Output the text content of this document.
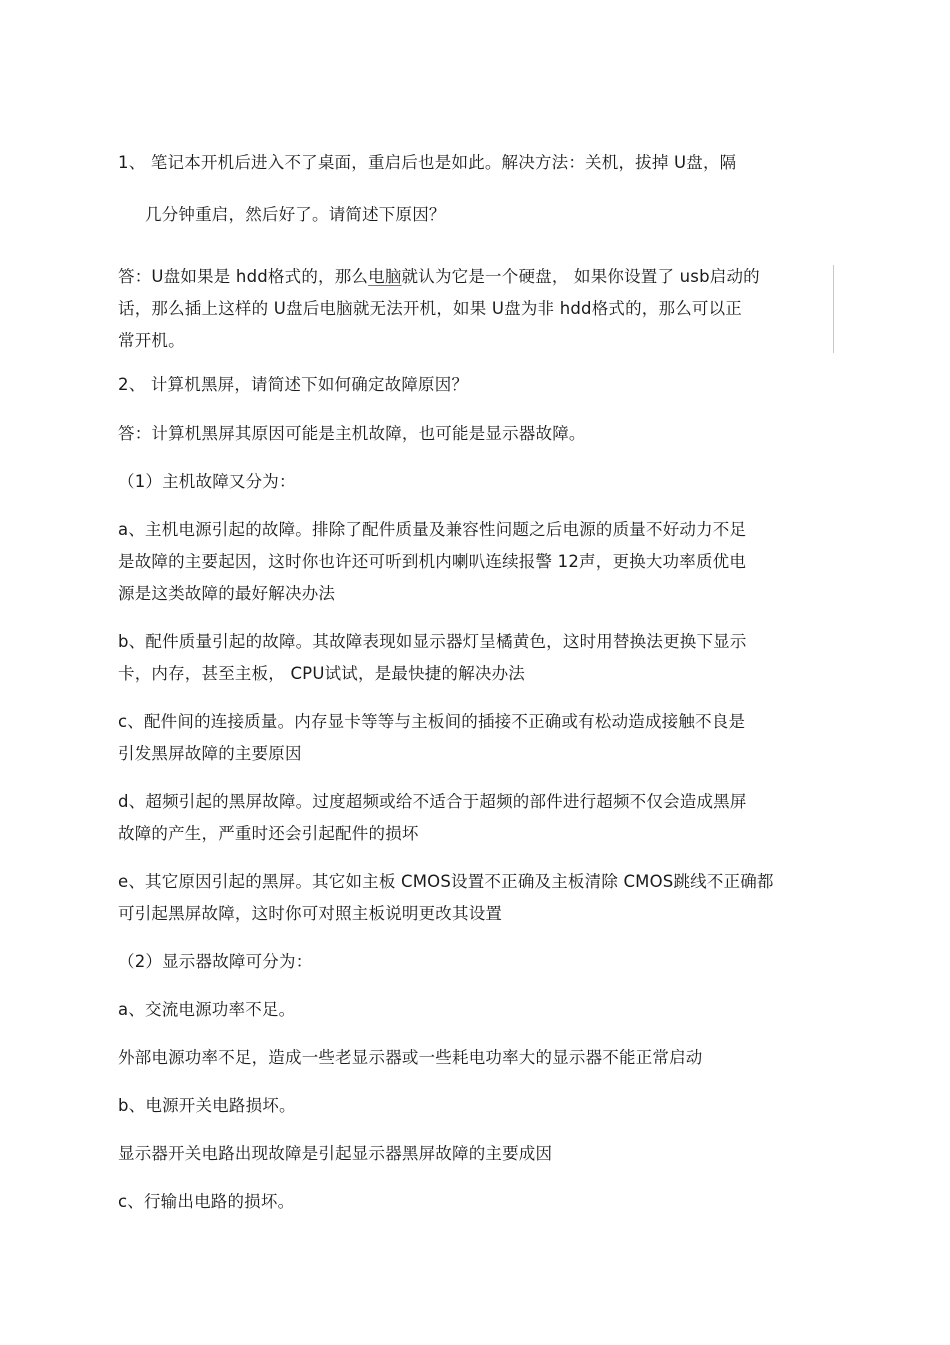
1、 笔记本开机后进入不了桌面，重启后也是如此。解决方法：关机，拔掉 U盘，隔
几分钟重启，然后好了。请简述下原因？
答：U盘如果是 hdd格式的，那么电脑就认为它是一个硬盘， 如果你设置了 usb启动的
话，那么插上这样的 U盘后电脑就无法开机，如果 U盘为非 hdd格式的，那么可以正
常开机。
2、 计算机黑屏，请简述下如何确定故障原因？
答：计算机黑屏其原因可能是主机故障，也可能是显示器故障。
（1）主机故障又分为：
a、主机电源引起的故障。排除了配件质量及兼容性问题之后电源的质量不好动力不足
是故障的主要起因，这时你也许还可听到机内喇叭连续报警 12声，更换大功率质优电
源是这类故障的最好解决办法
b、配件质量引起的故障。其故障表现如显示器灯呈橘黄色，这时用替换法更换下显示
卡，内存，甚至主板， CPU试试，是最快捷的解决办法
c、配件间的连接质量。内存显卡等等与主板间的插接不正确或有松动造成接触不良是
引发黑屏故障的主要原因
d、超频引起的黑屏故障。过度超频或给不适合于超频的部件进行超频不仅会造成黑屏
故障的产生，严重时还会引起配件的损坏
e、其它原因引起的黑屏。其它如主板 CMOS设置不正确及主板清除 CMOS跳线不正确都
可引起黑屏故障，这时你可对照主板说明更改其设置
（2）显示器故障可分为：
a、交流电源功率不足。
外部电源功率不足，造成一些老显示器或一些耗电功率大的显示器不能正常启动
b、电源开关电路损坏。
显示器开关电路出现故障是引起显示器黑屏故障的主要成因
c、行输出电路的损坏。
